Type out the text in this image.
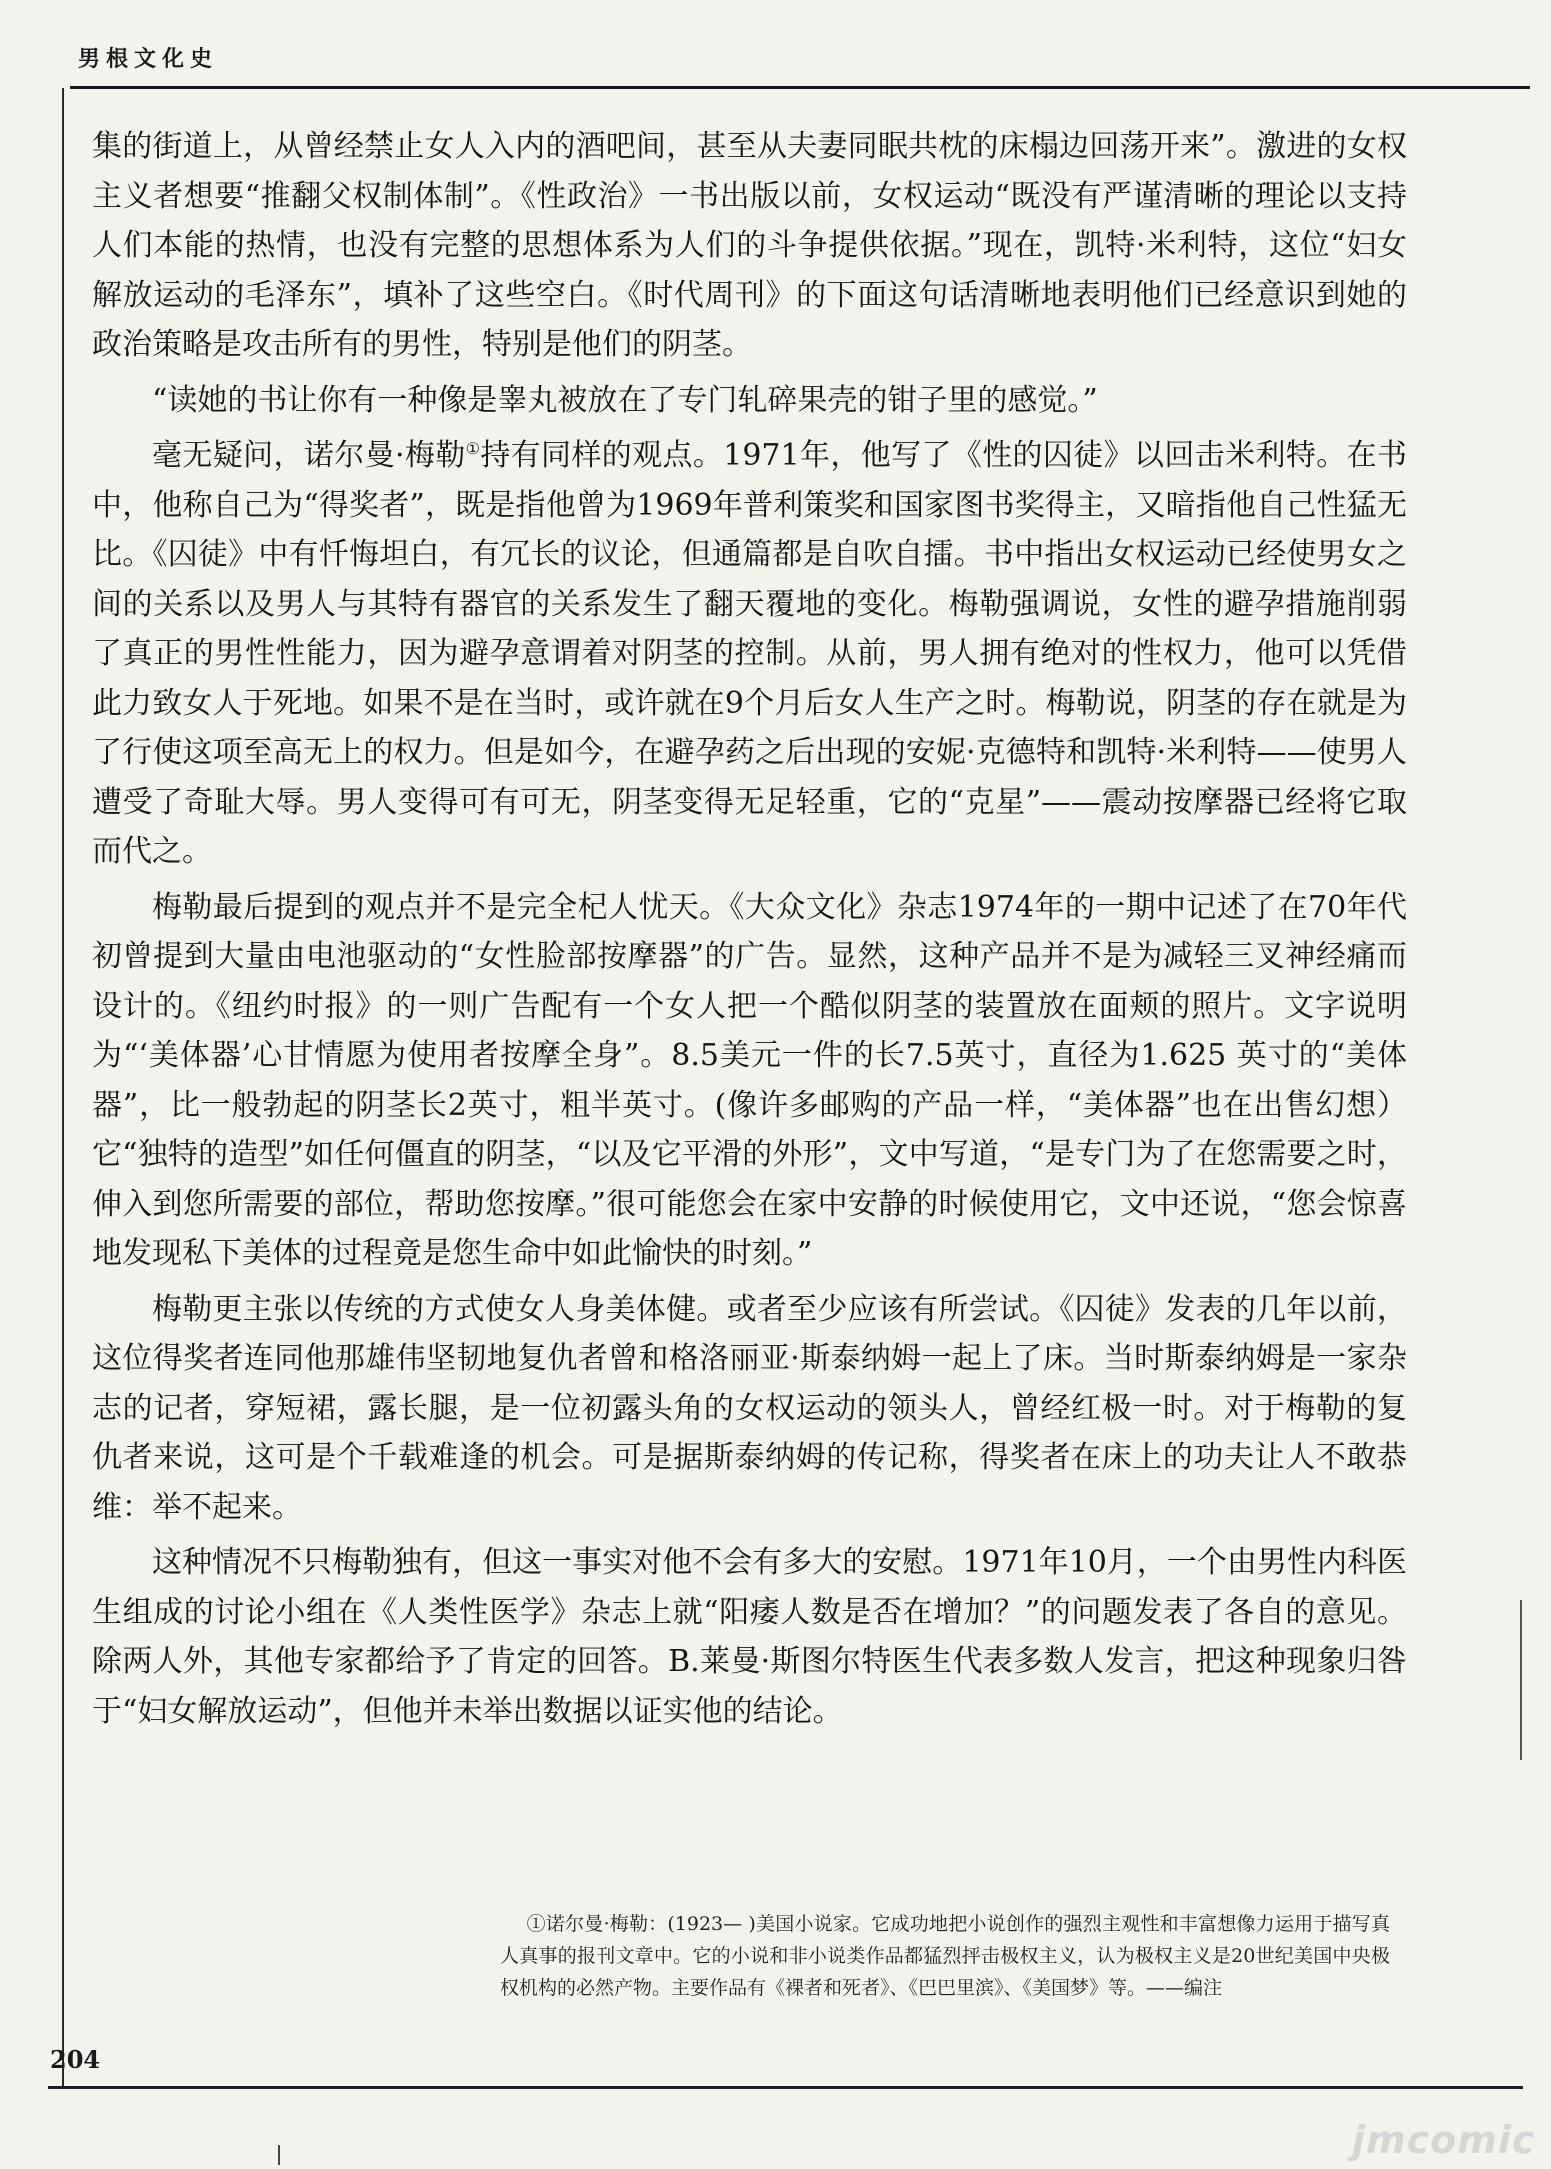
男根文化史

集的街道上，从曾经禁止女人入内的酒吧间，甚至从夫妻同眠共枕的床榻边回荡开来”。激进的女权主义者想要“推翻父权制体制”。《性政治》一书出版以前，女权运动“既没有严谨清晰的理论以支持人们本能的热情，也没有完整的思想体系为人们的斗争提供依据。”现在，凯特·米利特，这位“妇女解放运动的毛泽东”，填补了这些空白。《时代周刊》的下面这句话清晰地表明他们已经意识到她的政治策略是攻击所有的男性，特别是他们的阴茎。

“读她的书让你有一种像是睾丸被放在了专门轧碎果壳的钳子里的感觉。”

毫无疑问，诺尔曼·梅勒①持有同样的观点。1971年，他写了《性的囚徒》以回击米利特。在书中，他称自己为“得奖者”，既是指他曾为1969年普利策奖和国家图书奖得主，又暗指他自己性猛无比。《囚徒》中有忏悔坦白，有冗长的议论，但通篇都是自吹自擂。书中指出女权运动已经使男女之间的关系以及男人与其特有器官的关系发生了翻天覆地的变化。梅勒强调说，女性的避孕措施削弱了真正的男性性能力，因为避孕意谓着对阴茎的控制。从前，男人拥有绝对的性权力，他可以凭借此力致女人于死地。如果不是在当时，或许就在9个月后女人生产之时。梅勒说，阴茎的存在就是为了行使这项至高无上的权力。但是如今，在避孕药之后出现的安妮·克德特和凯特·米利特——使男人遭受了奇耻大辱。男人变得可有可无，阴茎变得无足轻重，它的“克星”——震动按摩器已经将它取而代之。

梅勒最后提到的观点并不是完全杞人忧天。《大众文化》杂志1974年的一期中记述了在70年代初曾提到大量由电池驱动的“女性脸部按摩器”的广告。显然，这种产品并不是为减轻三叉神经痛而设计的。《纽约时报》的一则广告配有一个女人把一个酷似阴茎的装置放在面颊的照片。文字说明为“‘美体器’心甘情愿为使用者按摩全身”。8.5美元一件的长7.5英寸，直径为1.625 英寸的“美体器”，比一般勃起的阴茎长2英寸，粗半英寸。(像许多邮购的产品一样，“美体器”也在出售幻想）它“独特的造型”如任何僵直的阴茎，“以及它平滑的外形”，文中写道，“是专门为了在您需要之时，伸入到您所需要的部位，帮助您按摩。”很可能您会在家中安静的时候使用它，文中还说，“您会惊喜地发现私下美体的过程竟是您生命中如此愉快的时刻。”

梅勒更主张以传统的方式使女人身美体健。或者至少应该有所尝试。《囚徒》发表的几年以前，这位得奖者连同他那雄伟坚韧地复仇者曾和格洛丽亚·斯泰纳姆一起上了床。当时斯泰纳姆是一家杂志的记者，穿短裙，露长腿，是一位初露头角的女权运动的领头人，曾经红极一时。对于梅勒的复仇者来说，这可是个千载难逢的机会。可是据斯泰纳姆的传记称，得奖者在床上的功夫让人不敢恭维：举不起来。

这种情况不只梅勒独有，但这一事实对他不会有多大的安慰。1971年10月，一个由男性内科医生组成的讨论小组在《人类性医学》杂志上就“阳痿人数是否在增加？”的问题发表了各自的意见。除两人外，其他专家都给予了肯定的回答。B.莱曼·斯图尔特医生代表多数人发言，把这种现象归咎于“妇女解放运动”，但他并未举出数据以证实他的结论。

①诺尔曼·梅勒：(1923— )美国小说家。它成功地把小说创作的强烈主观性和丰富想像力运用于描写真人真事的报刊文章中。它的小说和非小说类作品都猛烈抨击极权主义，认为极权主义是20世纪美国中央极权机构的必然产物。主要作品有《裸者和死者》、《巴巴里滨》、《美国梦》等。——编注

204
jmcomic
